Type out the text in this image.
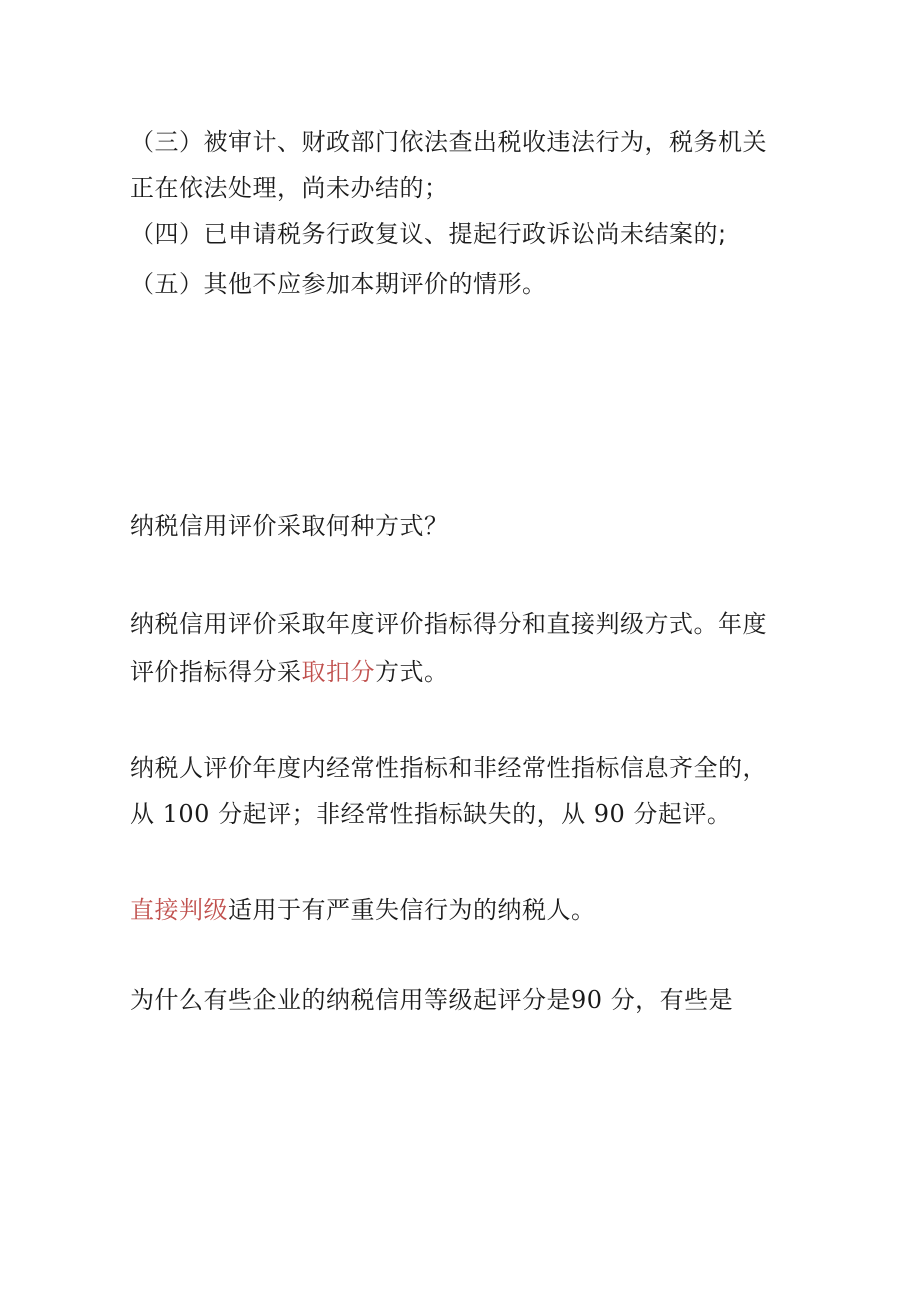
（三）被审计、财政部门依法查出税收违法行为，税务机关
正在依法处理，尚未办结的；
（四）已申请税务行政复议、提起行政诉讼尚未结案的;
（五）其他不应参加本期评价的情形。
纳税信用评价采取何种方式？
纳税信用评价采取年度评价指标得分和直接判级方式。年度
评价指标得分采取扣分方式。
纳税人评价年度内经常性指标和非经常性指标信息齐全的，
从 100 分起评；非经常性指标缺失的，从 90 分起评。
直接判级适用于有严重失信行为的纳税人。
为什么有些企业的纳税信用等级起评分是90 分，有些是
